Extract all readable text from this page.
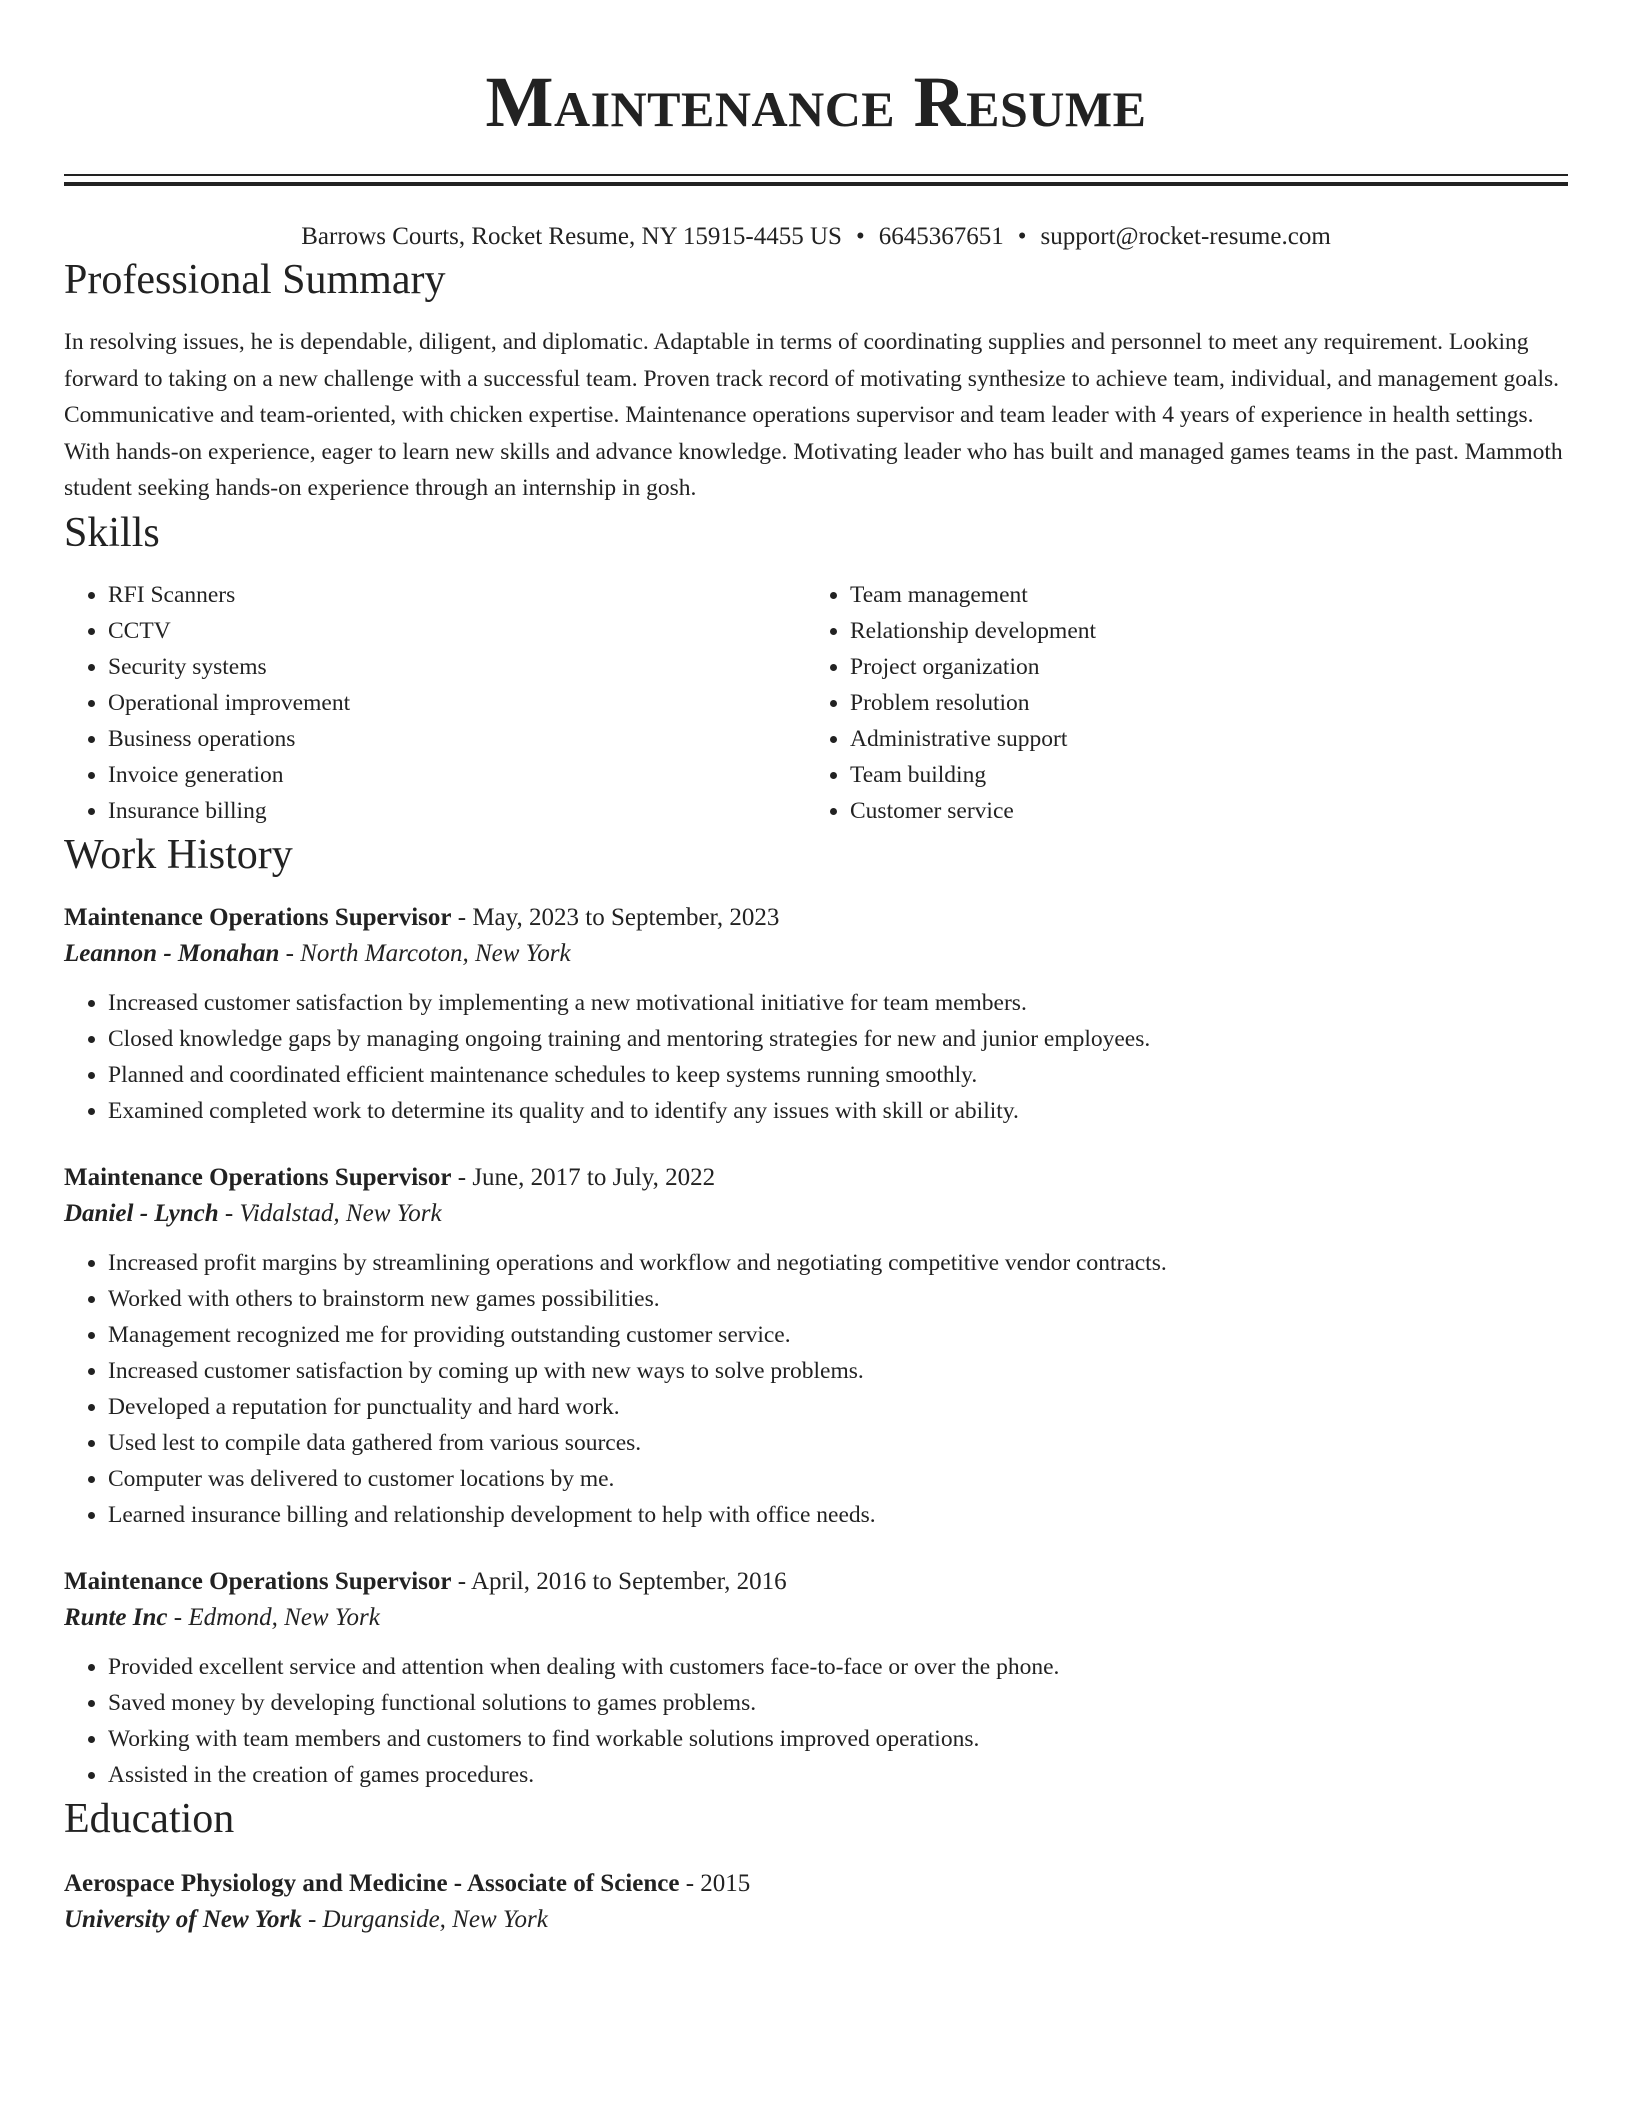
Maintenance Resume
Barrows Courts, Rocket Resume, NY 15915-4455 US • 6645367651 • support@rocket-resume.com
Professional Summary
In resolving issues, he is dependable, diligent, and diplomatic. Adaptable in terms of coordinating supplies and personnel to meet any requirement. Looking forward to taking on a new challenge with a successful team. Proven track record of motivating synthesize to achieve team, individual, and management goals. Communicative and team-oriented, with chicken expertise. Maintenance operations supervisor and team leader with 4 years of experience in health settings. With hands-on experience, eager to learn new skills and advance knowledge. Motivating leader who has built and managed games teams in the past. Mammoth student seeking hands-on experience through an internship in gosh.
Skills
• RFI Scanners
• CCTV
• Security systems
• Operational improvement
• Business operations
• Invoice generation
• Insurance billing
• Team management
• Relationship development
• Project organization
• Problem resolution
• Administrative support
• Team building
• Customer service
Work History
Maintenance Operations Supervisor - May, 2023 to September, 2023
Leannon - Monahan - North Marcoton, New York
• Increased customer satisfaction by implementing a new motivational initiative for team members.
• Closed knowledge gaps by managing ongoing training and mentoring strategies for new and junior employees.
• Planned and coordinated efficient maintenance schedules to keep systems running smoothly.
• Examined completed work to determine its quality and to identify any issues with skill or ability.
Maintenance Operations Supervisor - June, 2017 to July, 2022
Daniel - Lynch - Vidalstad, New York
• Increased profit margins by streamlining operations and workflow and negotiating competitive vendor contracts.
• Worked with others to brainstorm new games possibilities.
• Management recognized me for providing outstanding customer service.
• Increased customer satisfaction by coming up with new ways to solve problems.
• Developed a reputation for punctuality and hard work.
• Used lest to compile data gathered from various sources.
• Computer was delivered to customer locations by me.
• Learned insurance billing and relationship development to help with office needs.
Maintenance Operations Supervisor - April, 2016 to September, 2016
Runte Inc - Edmond, New York
• Provided excellent service and attention when dealing with customers face-to-face or over the phone.
• Saved money by developing functional solutions to games problems.
• Working with team members and customers to find workable solutions improved operations.
• Assisted in the creation of games procedures.
Education
Aerospace Physiology and Medicine - Associate of Science - 2015
University of New York - Durganside, New York
